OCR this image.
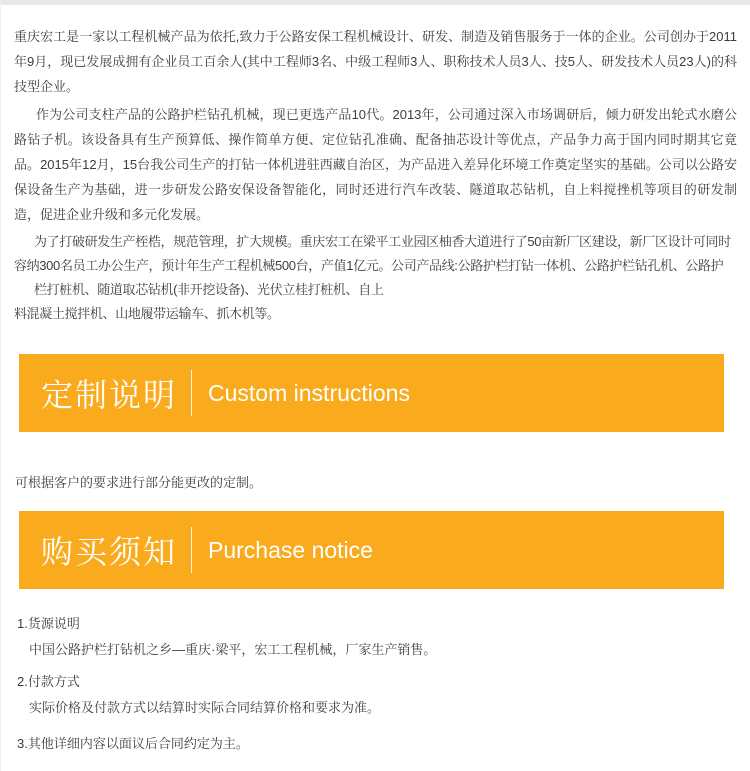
重庆宏工是一家以工程机械产品为依托,致力于公路安保工程机械设计、研发、制造及销售服务于一体的企业。公司创办于2011年9月，现已发展成拥有企业员工百余人(其中工程师3名、中级工程师3人、职称技术人员3人、技5人、研发技术人员23人)的科技型企业。

作为公司支柱产品的公路护栏钻孔机械，现已更选产品10代。2013年，公司通过深入市场调研后，倾力研发出轮式水磨公路钻子机。该设备具有生产预算低、操作简单方便、定位钻孔准确、配备抽芯设计等优点，产品争力高于国内同时期其它竟品。2015年12月，15台我公司生产的打钻一体机进驻西藏自治区，为产品进入差异化环境工作奠定坚实的基础。公司以公路安保设备生产为基础，进一步研发公路安保设备智能化，同时还进行汽车改装、隧道取芯钻机，自上料搅挫机等项目的研发制造，促进企业升级和多元化发展。

为了打破研发生产桎梏，规范管理，扩大规模。重庆宏工在梁平工业园区柚香大道进行了50亩新厂区建设，新厂区设计可同时
容纳300名员工办公生产，预计年生产工程机械500台，产值1亿元。公司产品线:公路护栏打钻一体机、公路护栏钻孔机、公路护
栏打桩机、随道取芯钻机(非开挖设备)、光伏立桂打桩机、自上
料混凝土搅拌机、山地履带运输车、抓木机等。
定制说明 Custom instructions
可根据客户的要求进行部分能更改的定制。
购买须知 Purchase notice
1.货源说明
中国公路护栏打钻机之乡—重庆·梁平，宏工工程机械，厂家生产销售。
2.付款方式
实际价格及付款方式以结算时实际合同结算价格和要求为准。
3.其他详细内容以面议后合同约定为主。
